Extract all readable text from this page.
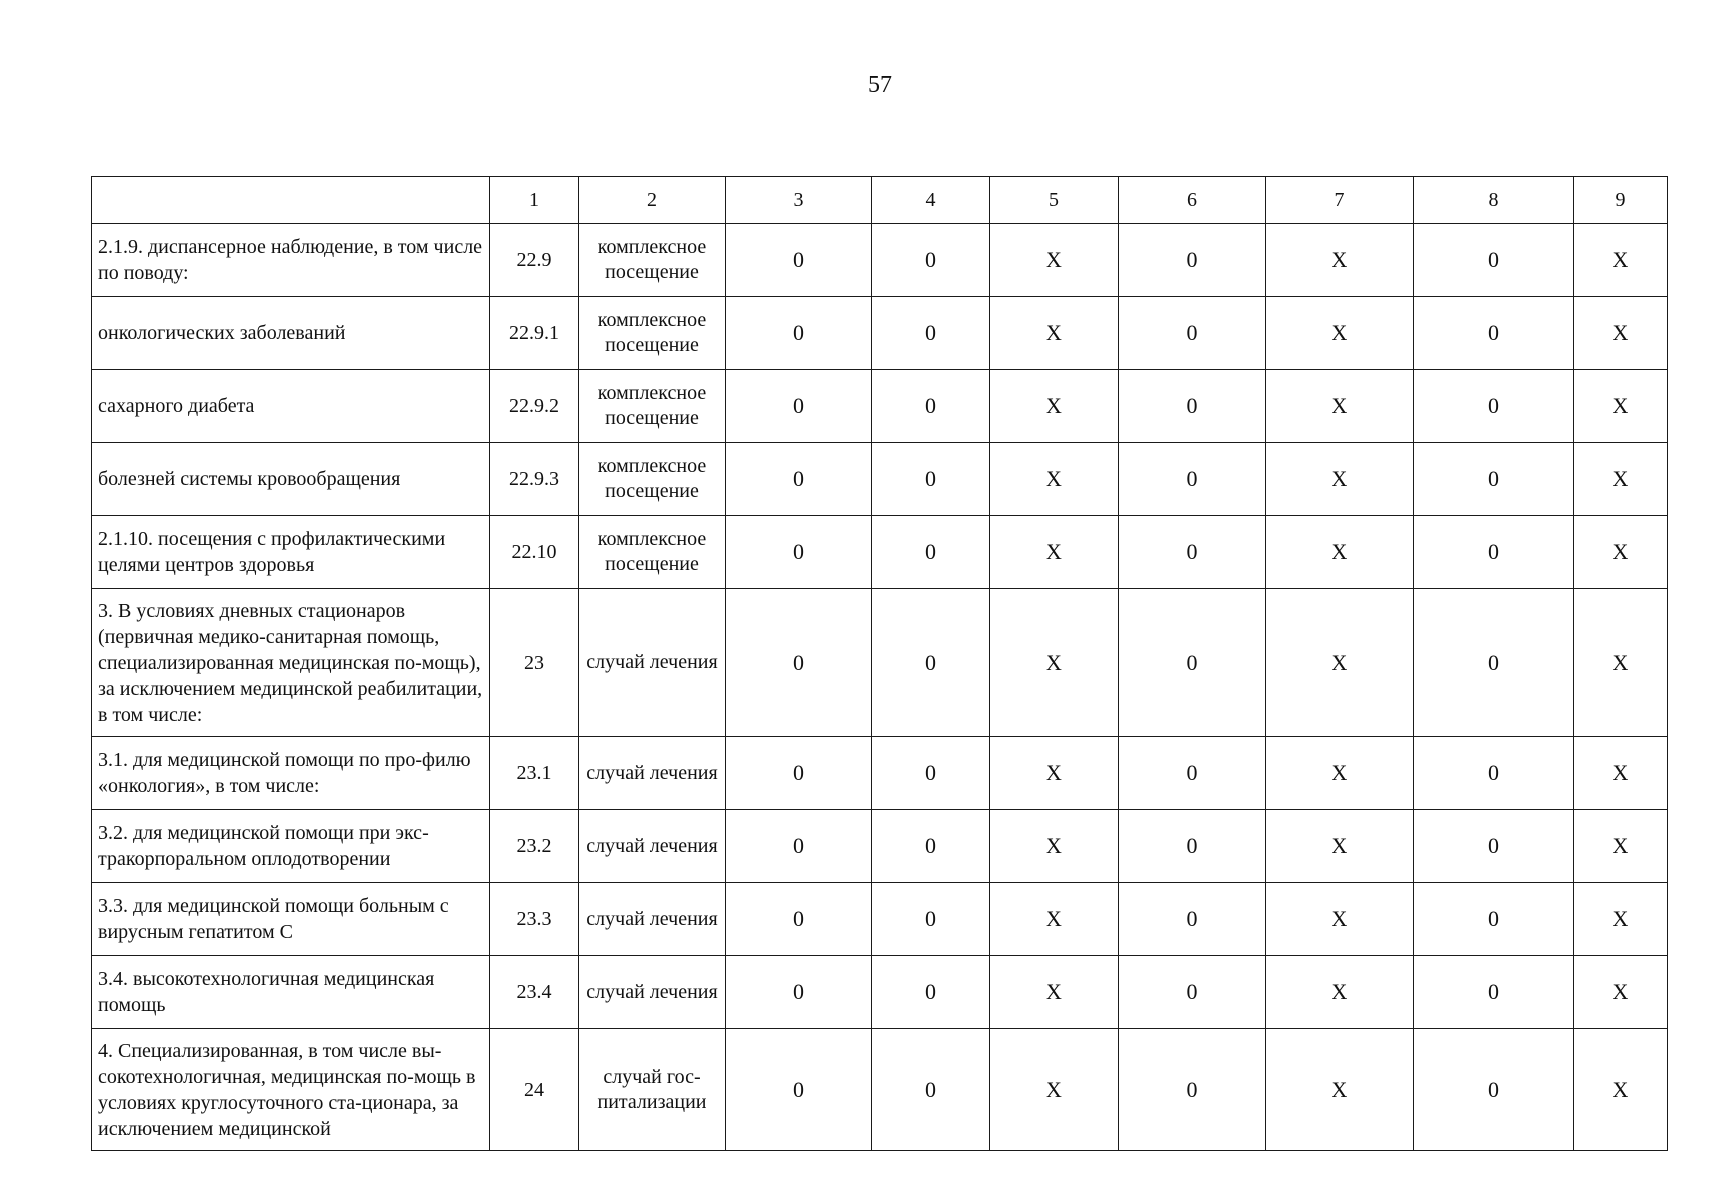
57
	1	2	3	4	5	6	7	8	9
2.1.9. диспансерное наблюдение, в том числе по поводу:	22.9	комплексное посещение	0	0	X	0	X	0	X
онкологических заболеваний	22.9.1	комплексное посещение	0	0	X	0	X	0	X
сахарного диабета	22.9.2	комплексное посещение	0	0	X	0	X	0	X
болезней системы кровообращения	22.9.3	комплексное посещение	0	0	X	0	X	0	X
2.1.10. посещения с профилактическими целями центров здоровья	22.10	комплексное посещение	0	0	X	0	X	0	X
3. В условиях дневных стационаров (первичная медико-санитарная помощь, специализированная медицинская по-мощь), за исключением медицинской реабилитации, в том числе:	23	случай лечения	0	0	X	0	X	0	X
3.1. для медицинской помощи по про-филю «онкология», в том числе:	23.1	случай лечения	0	0	X	0	X	0	X
3.2. для медицинской помощи при экс-тракорпоральном оплодотворении	23.2	случай лечения	0	0	X	0	X	0	X
3.3. для медицинской помощи больным с вирусным гепатитом С	23.3	случай лечения	0	0	X	0	X	0	X
3.4. высокотехнологичная медицинская помощь	23.4	случай лечения	0	0	X	0	X	0	X
4. Специализированная, в том числе вы-сокотехнологичная, медицинская по-мощь в условиях круглосуточного ста-ционара, за исключением медицинской	24	случай гос-питализации	0	0	X	0	X	0	X
